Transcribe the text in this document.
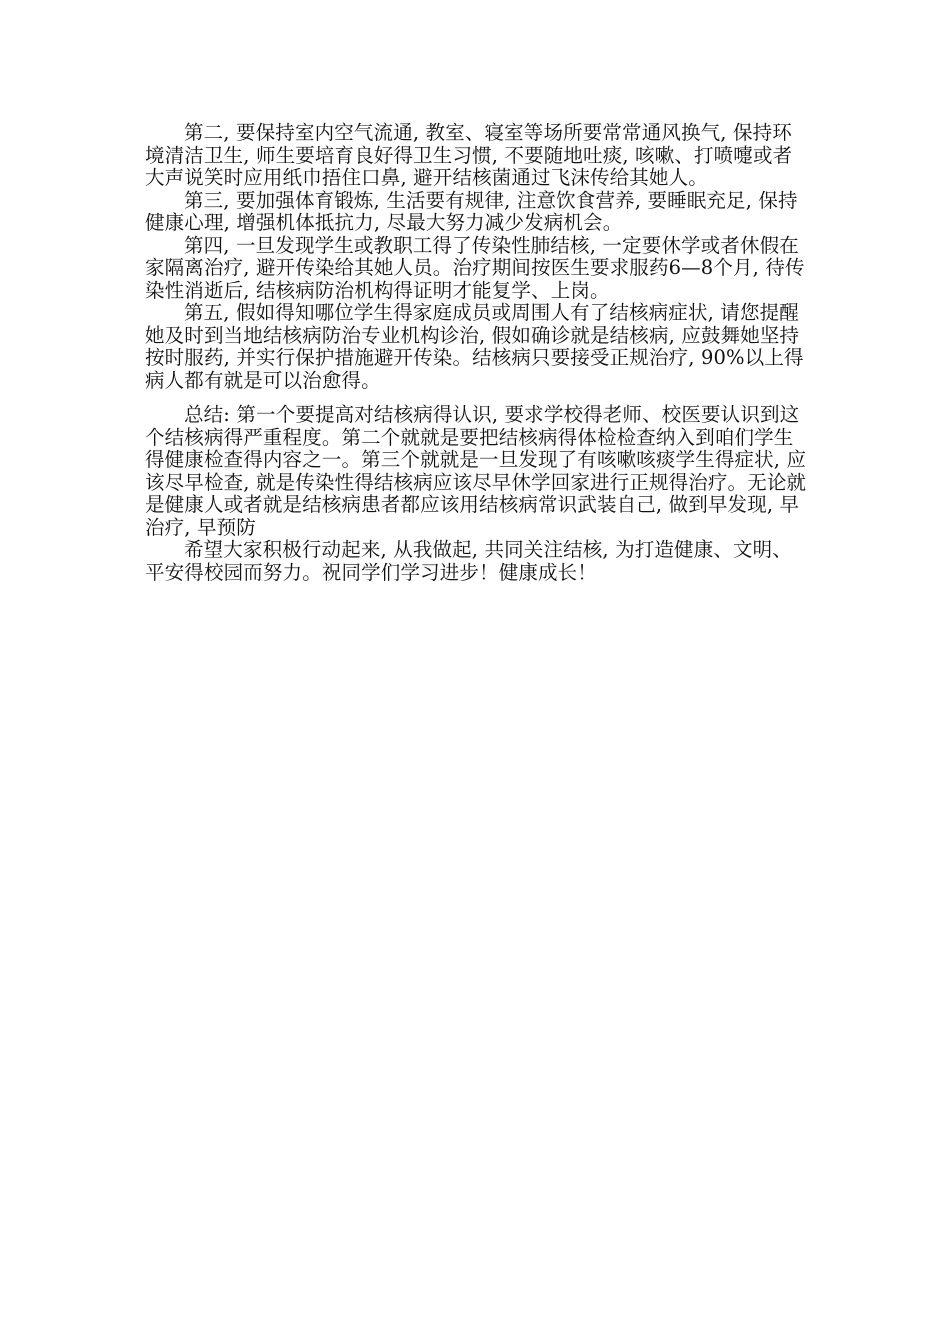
第二, 要保持室内空气流通, 教室、寝室等场所要常常通风换气, 保持环境清洁卫生, 师生要培育良好得卫生习惯, 不要随地吐痰, 咳嗽、打喷嚏或者大声说笑时应用纸巾捂住口鼻, 避开结核菌通过飞沫传给其她人。

第三, 要加强体育锻炼, 生活要有规律, 注意饮食营养, 要睡眠充足, 保持健康心理, 增强机体抵抗力, 尽最大努力减少发病机会。

第四, 一旦发现学生或教职工得了传染性肺结核, 一定要休学或者休假在家隔离治疗, 避开传染给其她人员。治疗期间按医生要求服药6—8个月, 待传染性消逝后, 结核病防治机构得证明才能复学、上岗。

第五, 假如得知哪位学生得家庭成员或周围人有了结核病症状, 请您提醒她及时到当地结核病防治专业机构诊治, 假如确诊就是结核病, 应鼓舞她坚持按时服药, 并实行保护措施避开传染。结核病只要接受正规治疗, 90%以上得病人都有就是可以治愈得。

总结: 第一个要提高对结核病得认识, 要求学校得老师、校医要认识到这个结核病得严重程度。第二个就就是要把结核病得体检检查纳入到咱们学生得健康检查得内容之一。第三个就就是一旦发现了有咳嗽咳痰学生得症状, 应该尽早检查, 就是传染性得结核病应该尽早休学回家进行正规得治疗。无论就是健康人或者就是结核病患者都应该用结核病常识武装自己, 做到早发现, 早治疗, 早预防

希望大家积极行动起来, 从我做起, 共同关注结核, 为打造健康、文明、平安得校园而努力。祝同学们学习进步！健康成长！
